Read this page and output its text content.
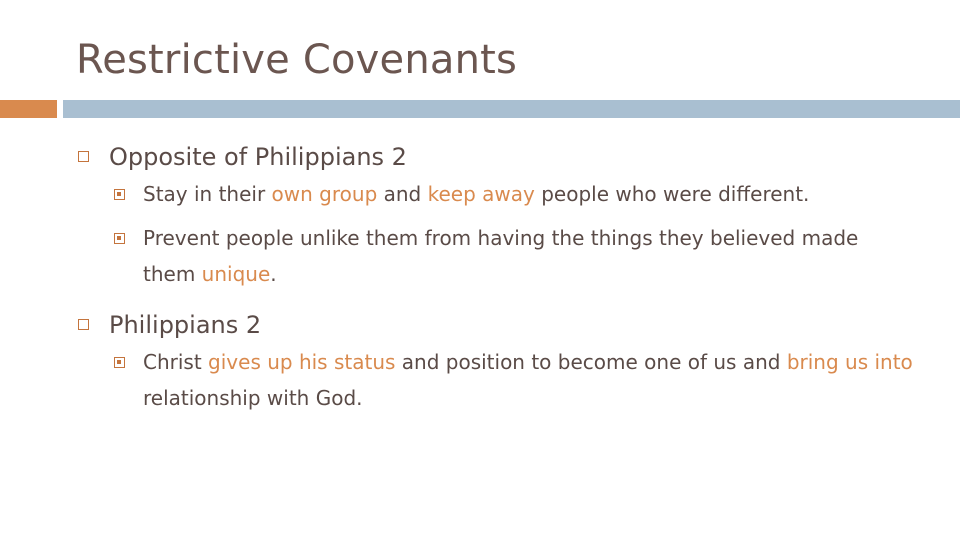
Restrictive Covenants
Opposite of Philippians 2
Stay in their own group and keep away people who were different.
Prevent people unlike them from having the things they believed made them unique.
Philippians 2
Christ gives up his status and position to become one of us and bring us into relationship with God.
